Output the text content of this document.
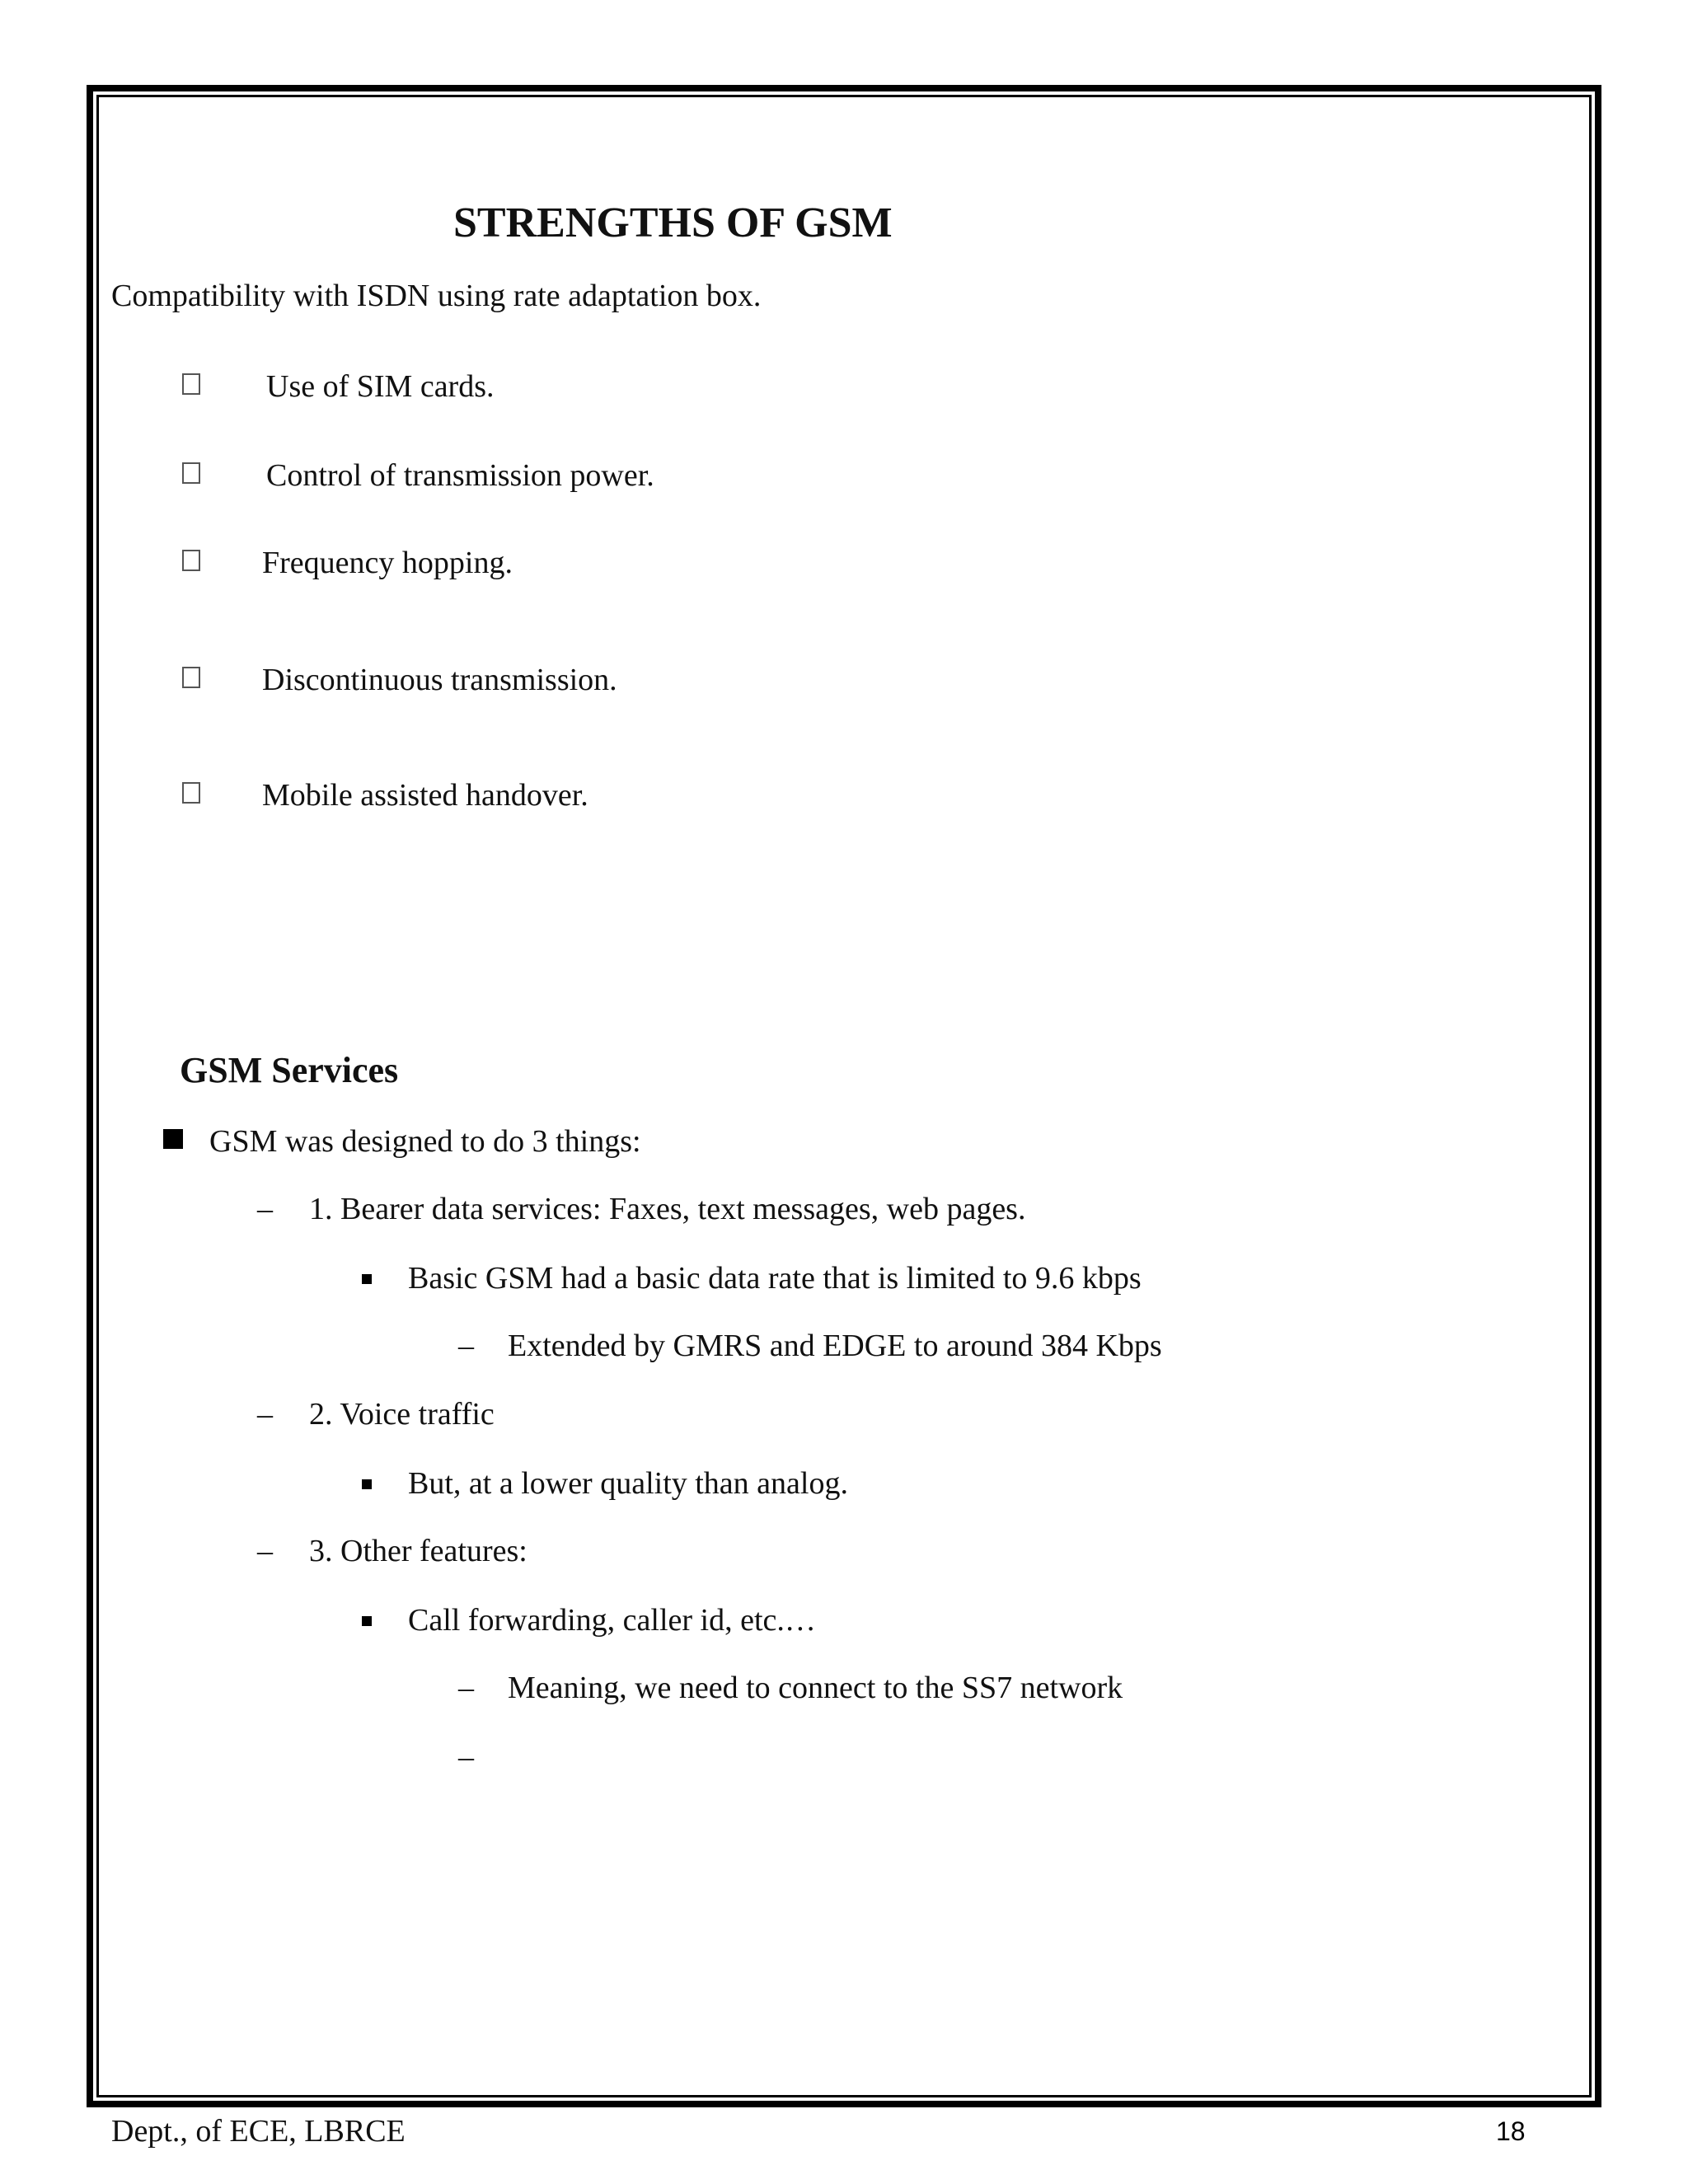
STRENGTHS OF GSM
Compatibility with ISDN using rate adaptation box.
Use of SIM cards.
Control of transmission power.
Frequency hopping.
Discontinuous transmission.
Mobile assisted handover.
GSM Services
GSM was designed to do 3 things:
– 1. Bearer data services: Faxes, text messages, web pages.
Basic GSM had a basic data rate that is limited to 9.6 kbps
– Extended by GMRS and EDGE to around 384 Kbps
– 2. Voice traffic
But, at a lower quality than analog.
– 3. Other features:
Call forwarding, caller id, etc.…
– Meaning, we need to connect to the SS7 network
–
Dept., of ECE, LBRCE	18
